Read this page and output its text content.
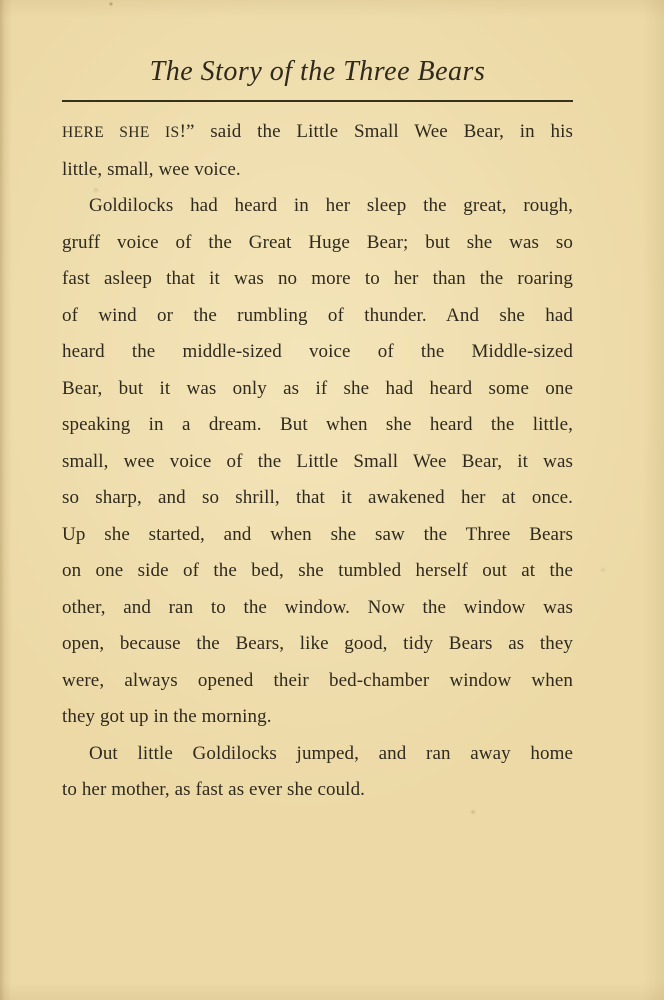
The Story of the Three Bears
HERE SHE IS!” said the Little Small Wee Bear, in his
little, small, wee voice.
Goldilocks had heard in her sleep the great, rough,
gruff voice of the Great Huge Bear; but she was so
fast asleep that it was no more to her than the roaring
of wind or the rumbling of thunder. And she had
heard the middle-sized voice of the Middle-sized
Bear, but it was only as if she had heard some one
speaking in a dream. But when she heard the little,
small, wee voice of the Little Small Wee Bear, it was
so sharp, and so shrill, that it awakened her at once.
Up she started, and when she saw the Three Bears
on one side of the bed, she tumbled herself out at the
other, and ran to the window. Now the window was
open, because the Bears, like good, tidy Bears as they
were, always opened their bed-chamber window when
they got up in the morning.
Out little Goldilocks jumped, and ran away home
to her mother, as fast as ever she could.
